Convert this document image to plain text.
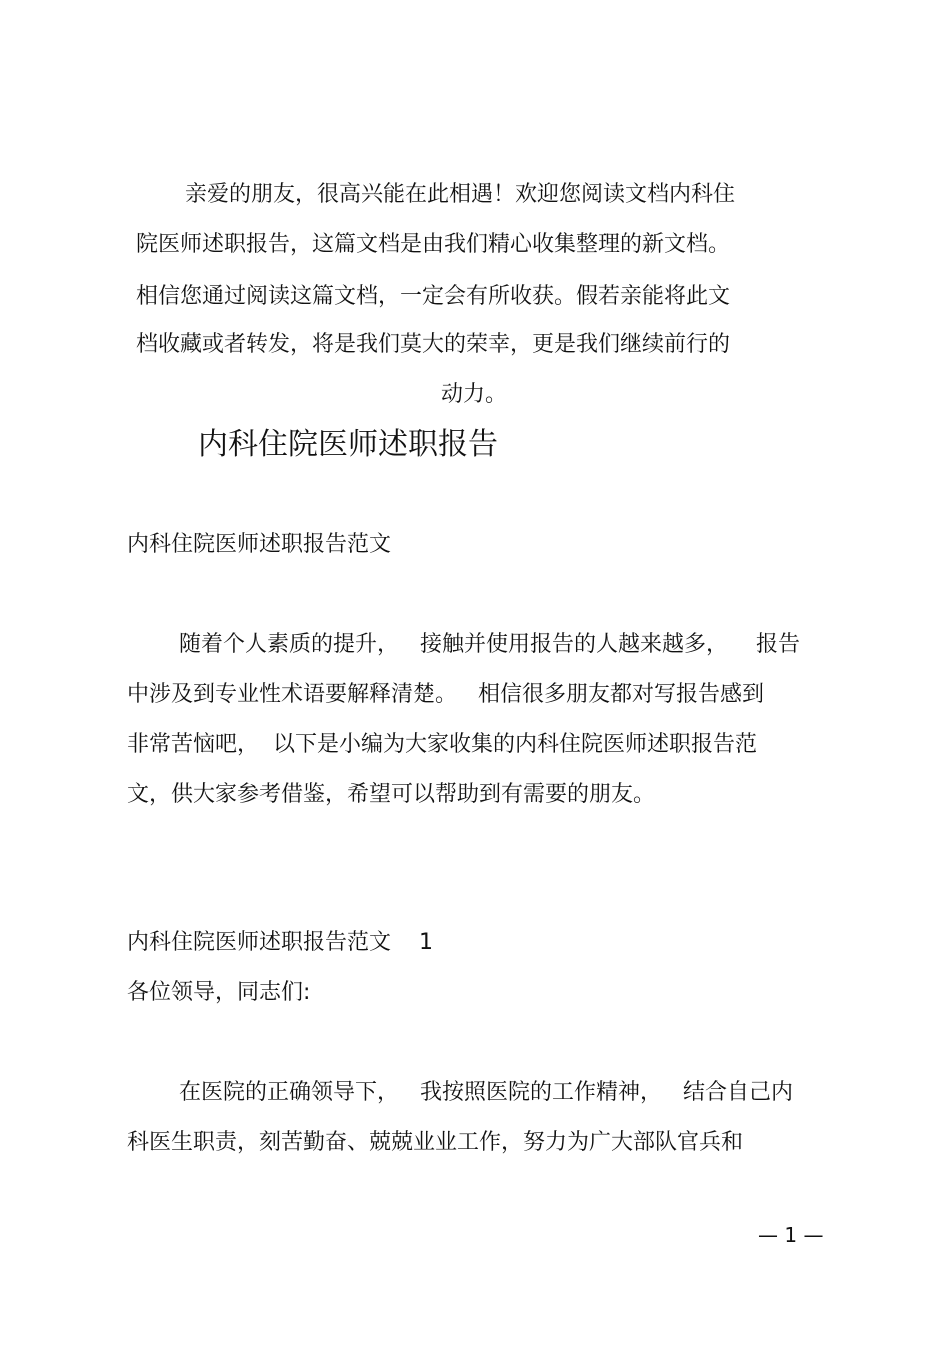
亲爱的朋友，很高兴能在此相遇！欢迎您阅读文档内科住
院医师述职报告，这篇文档是由我们精心收集整理的新文档。
相信您通过阅读这篇文档，一定会有所收获。假若亲能将此文
档收藏或者转发，将是我们莫大的荣幸，更是我们继续前行的
动力。
内科住院医师述职报告
内科住院医师述职报告范文
随着个人素质的提升，   接触并使用报告的人越来越多，    报告
中涉及到专业性术语要解释清楚。   相信很多朋友都对写报告感到
非常苦恼吧，  以下是小编为大家收集的内科住院医师述职报告范
文，供大家参考借鉴，希望可以帮助到有需要的朋友。
内科住院医师述职报告范文    1
各位领导，同志们:
在医院的正确领导下，   我按照医院的工作精神，   结合自己内
科医生职责，刻苦勤奋、兢兢业业工作，努力为广大部队官兵和
— 1 —
